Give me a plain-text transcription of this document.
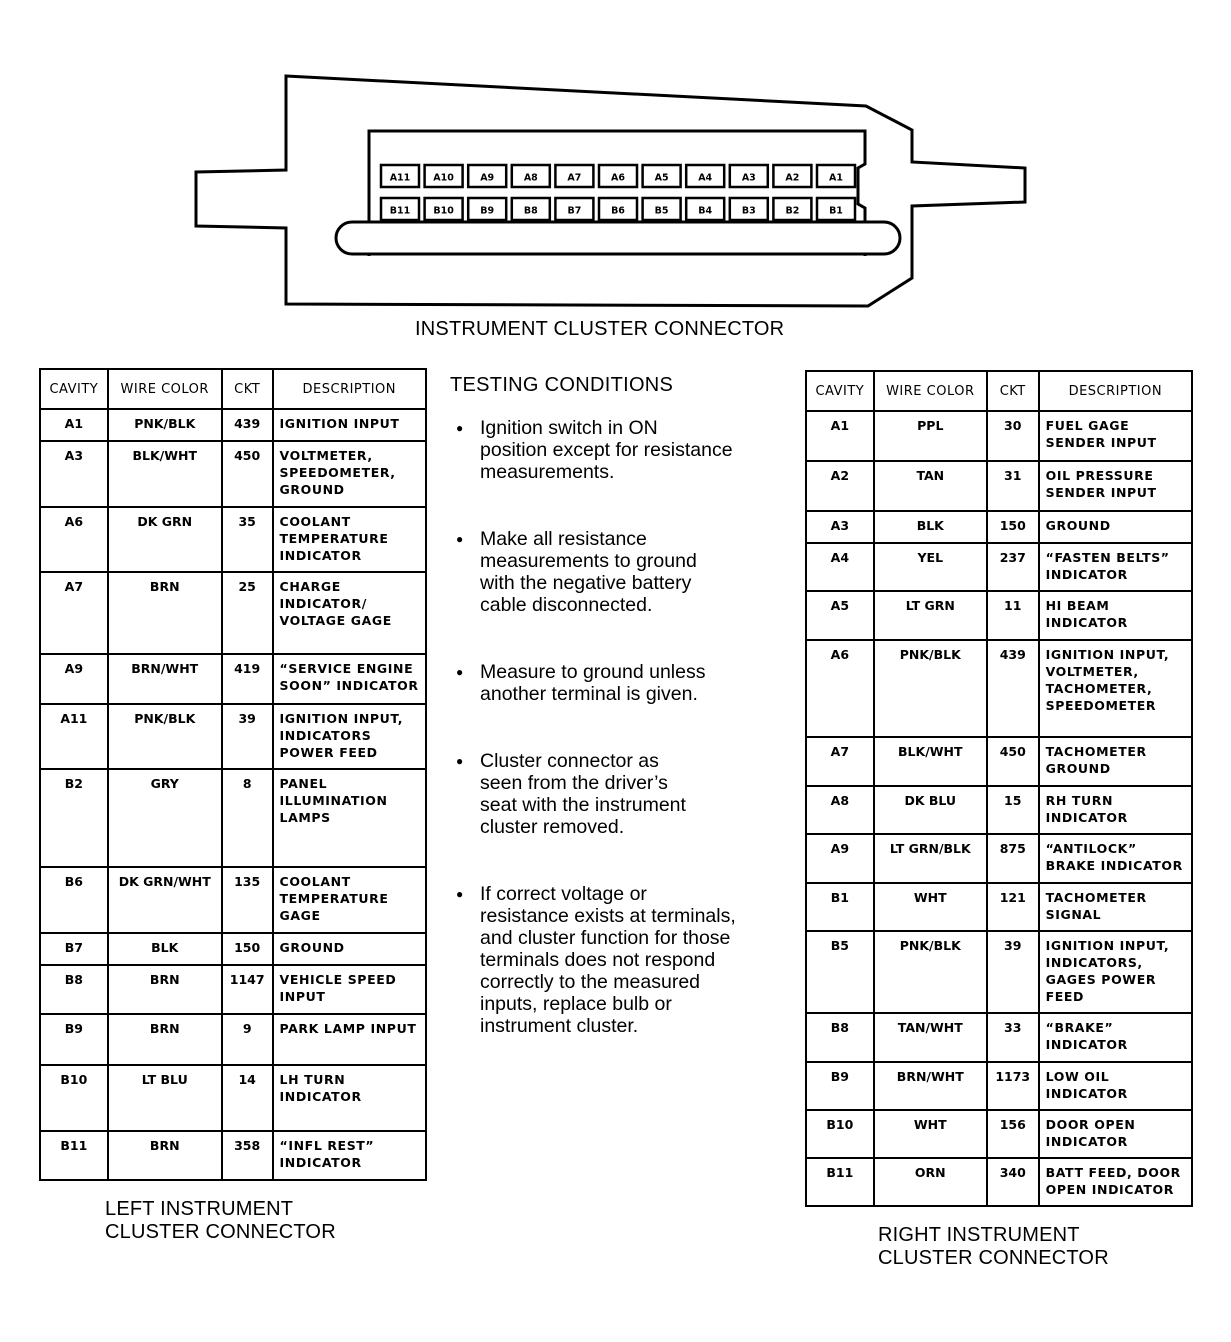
A11 A10	A9	A8	A7	A6	A5	A4	A3	A2	A1
B11 B10	B9	B8	B7	B6	B5	B4	B3	B2	B1
INSTRUMENT CLUSTER CONNECTOR
CAVITY	WIRE COLOR	CKT	DESCRIPTION
A1	PNK/BLK	439	IGNITION INPUT

A3	BLK/WHT	450	VOLTMETER,
SPEEDOMETER,
GROUND

A6	DK GRN	35	COOLANT
TEMPERATURE
INDICATOR

A7	BRN	25	CHARGE
INDICATOR/
VOLTAGE GAGE

A9	BRN/WHT	419	“SERVICE ENGINE
SOON” INDICATOR

A11	PNK/BLK	39	IGNITION INPUT,
INDICATORS
POWER FEED

B2	GRY	8	PANEL
ILLUMINATION
LAMPS

B6	DK GRN/WHT	135	COOLANT
TEMPERATURE
GAGE

B7	BLK	150	GROUND

B8	BRN	1147	VEHICLE SPEED
INPUT

B9	BRN	9	PARK LAMP INPUT

B10	LT BLU	14	LH TURN
INDICATOR

B11	BRN	358	“INFL REST”
INDICATOR
LEFT INSTRUMENT
CLUSTER CONNECTOR
TESTING CONDITIONS
● Ignition switch in ON
position except for resistance
measurements.
● Make all resistance
measurements to ground
with the negative battery
cable disconnected.
● Measure to ground unless
another terminal is given.
● Cluster connector as
seen from the driver’s
seat with the instrument
cluster removed.
● If correct voltage or
resistance exists at terminals,
and cluster function for those
terminals does not respond
correctly to the measured
inputs, replace bulb or
instrument cluster.
CAVITY	WIRE COLOR	CKT	DESCRIPTION
A1	PPL	30	FUEL GAGE
SENDER INPUT

A2	TAN	31	OIL PRESSURE
SENDER INPUT

A3	BLK	150	GROUND

A4	YEL	237	“FASTEN BELTS”
INDICATOR

A5	LT GRN	11	HI BEAM
INDICATOR

A6	PNK/BLK	439	IGNITION INPUT,
VOLTMETER,
TACHOMETER,
SPEEDOMETER

A7	BLK/WHT	450	TACHOMETER
GROUND

A8	DK BLU	15	RH TURN
INDICATOR

A9	LT GRN/BLK	875	“ANTILOCK”
BRAKE INDICATOR

B1	WHT	121	TACHOMETER
SIGNAL

B5	PNK/BLK	39	IGNITION INPUT,
INDICATORS,
GAGES POWER
FEED

B8	TAN/WHT	33	“BRAKE”
INDICATOR

B9	BRN/WHT	1173	LOW OIL
INDICATOR

B10	WHT	156	DOOR OPEN
INDICATOR

B11	ORN	340	BATT FEED, DOOR
OPEN INDICATOR
RIGHT INSTRUMENT
CLUSTER CONNECTOR
